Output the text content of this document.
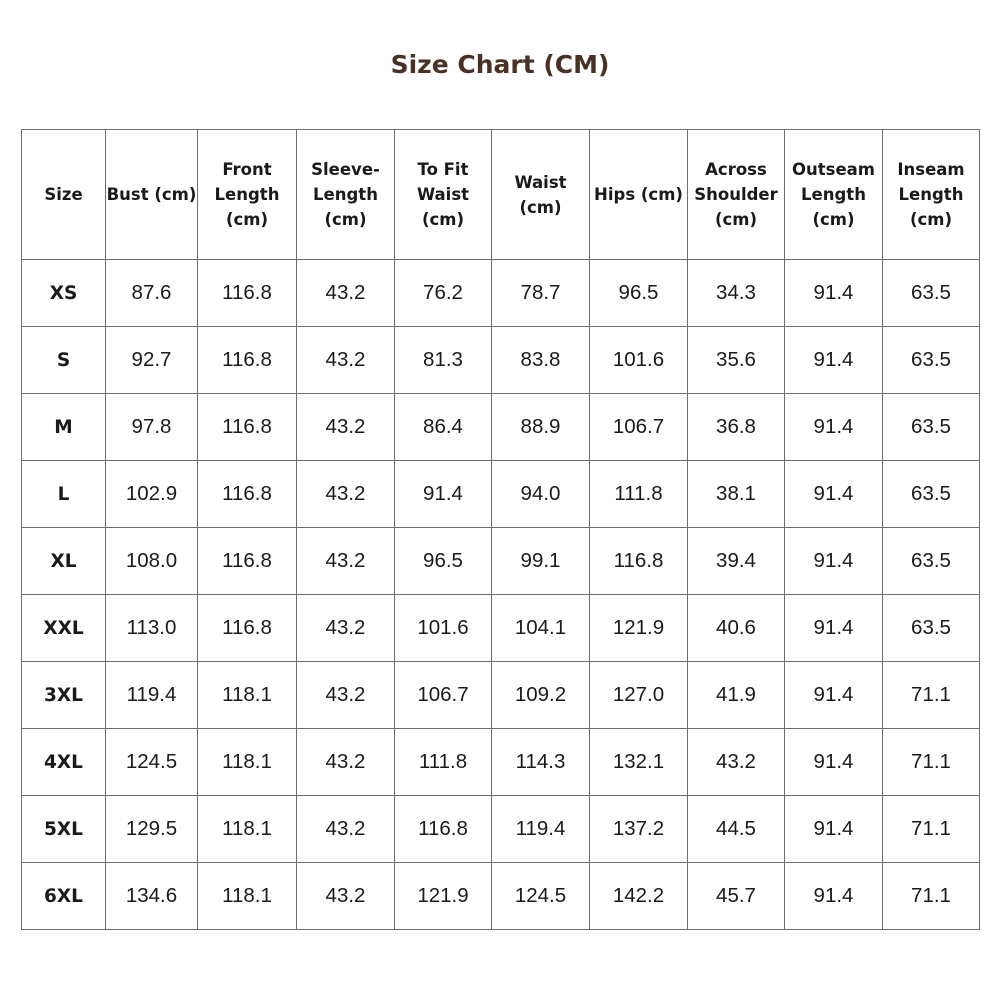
Size Chart (CM)
Size	Bust (cm)	Front
Length
(cm)	Sleeve-
Length
(cm)	To Fit
Waist
(cm)	Waist
(cm)	Hips (cm)	Across
Shoulder
(cm)	Outseam
Length
(cm)	Inseam
Length
(cm)

XS	87.6	116.8	43.2	76.2	78.7	96.5	34.3	91.4	63.5
S	92.7	116.8	43.2	81.3	83.8	101.6	35.6	91.4	63.5
M	97.8	116.8	43.2	86.4	88.9	106.7	36.8	91.4	63.5
L	102.9	116.8	43.2	91.4	94.0	111.8	38.1	91.4	63.5
XL	108.0	116.8	43.2	96.5	99.1	116.8	39.4	91.4	63.5
XXL	113.0	116.8	43.2	101.6	104.1	121.9	40.6	91.4	63.5
3XL	119.4	118.1	43.2	106.7	109.2	127.0	41.9	91.4	71.1
4XL	124.5	118.1	43.2	111.8	114.3	132.1	43.2	91.4	71.1
5XL	129.5	118.1	43.2	116.8	119.4	137.2	44.5	91.4	71.1
6XL	134.6	118.1	43.2	121.9	124.5	142.2	45.7	91.4	71.1
